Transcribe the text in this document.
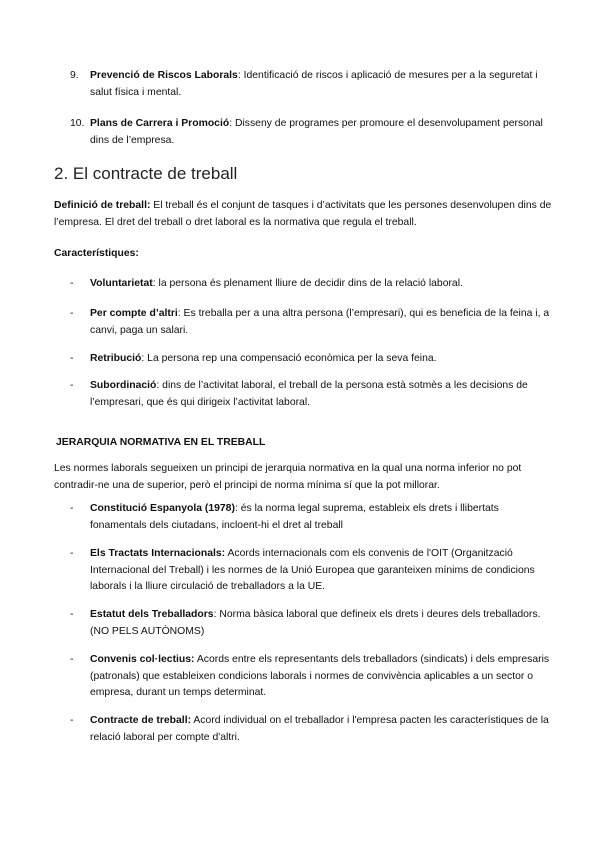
9. Prevenció de Riscos Laborals: Identificació de riscos i aplicació de mesures per a la seguretat i salut física i mental.
10. Plans de Carrera i Promoció: Disseny de programes per promoure el desenvolupament personal dins de l’empresa.
2. El contracte de treball
Definició de treball: El treball és el conjunt de tasques i d’activitats que les persones desenvolupen dins de l’empresa. El dret del treball o dret laboral es la normativa que regula el treball.
Característiques:
- Voluntarietat: la persona és plenament lliure de decidir dins de la relació laboral.
- Per compte d’altri: Es treballa per a una altra persona (l’empresari), qui es beneficia de la feina i, a canvi, paga un salari.
- Retribució: La persona rep una compensació econòmica per la seva feina.
- Subordinació: dins de l’activitat laboral, el treball de la persona està sotmès a les decisions de l’empresari, que és qui dirigeix l’activitat laboral.
JERARQUIA NORMATIVA EN EL TREBALL
Les normes laborals segueixen un principi de jerarquia normativa en la qual una norma inferior no pot contradir-ne una de superior, però el principi de norma mínima sí que la pot millorar.
- Constitució Espanyola (1978): és la norma legal suprema, estableix els drets i llibertats fonamentals dels ciutadans, incloent-hi el dret al treball
- Els Tractats Internacionals: Acords internacionals com els convenis de l'OIT (Organització Internacional del Treball) i les normes de la Unió Europea que garanteixen mínims de condicions laborals i la lliure circulació de treballadors a la UE.
- Estatut dels Treballadors: Norma bàsica laboral que defineix els drets i deures dels treballadors. (NO PELS AUTÒNOMS)
- Convenis col·lectius: Acords entre els representants dels treballadors (sindicats) i dels empresaris (patronals) que estableixen condicions laborals i normes de convivència aplicables a un sector o empresa, durant un temps determinat.
- Contracte de treball: Acord individual on el treballador i l'empresa pacten les característiques de la relació laboral per compte d'altri.
